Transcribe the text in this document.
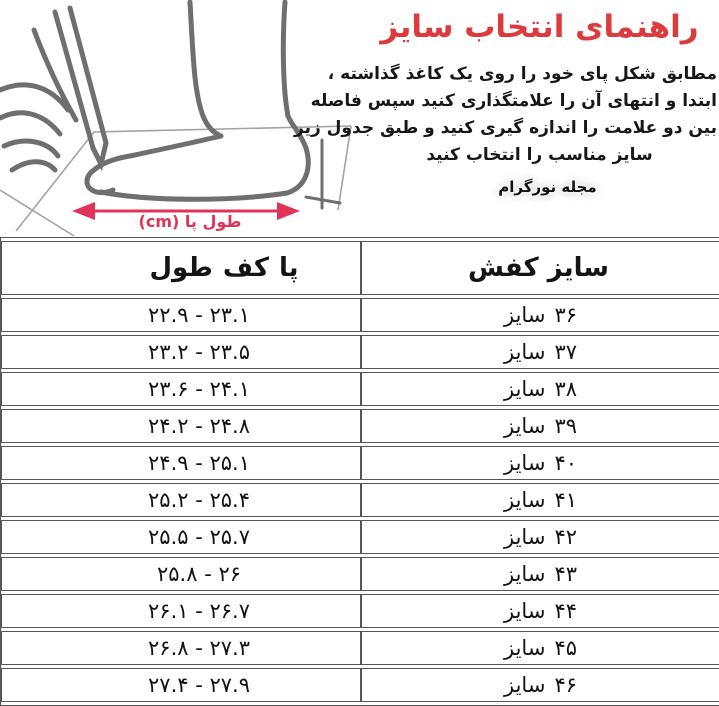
طول پا (cm)
راهنمای انتخاب سایز
مطابق شکل پای خود را روی یک کاغذ گذاشته ،
ابتدا و انتهای آن را علامتگذاری کنید سپس فاصله
بین دو علامت را اندازه گیری کنید و طبق جدول زیر
سایز مناسب را انتخاب کنید
مجله نورگرام
طول کف پا	سایز کفش
۲۲.۹ - ۲۳.۱	سایز ۳۶
۲۳.۲ - ۲۳.۵	سایز ۳۷
۲۳.۶ - ۲۴.۱	سایز ۳۸
۲۴.۲ - ۲۴.۸	سایز ۳۹
۲۴.۹ - ۲۵.۱	سایز ۴۰
۲۵.۲ - ۲۵.۴	سایز ۴۱
۲۵.۵ - ۲۵.۷	سایز ۴۲
۲۵.۸ - ۲۶	سایز ۴۳
۲۶.۱ - ۲۶.۷	سایز ۴۴
۲۶.۸ - ۲۷.۳	سایز ۴۵
۲۷.۴ - ۲۷.۹	سایز ۴۶
